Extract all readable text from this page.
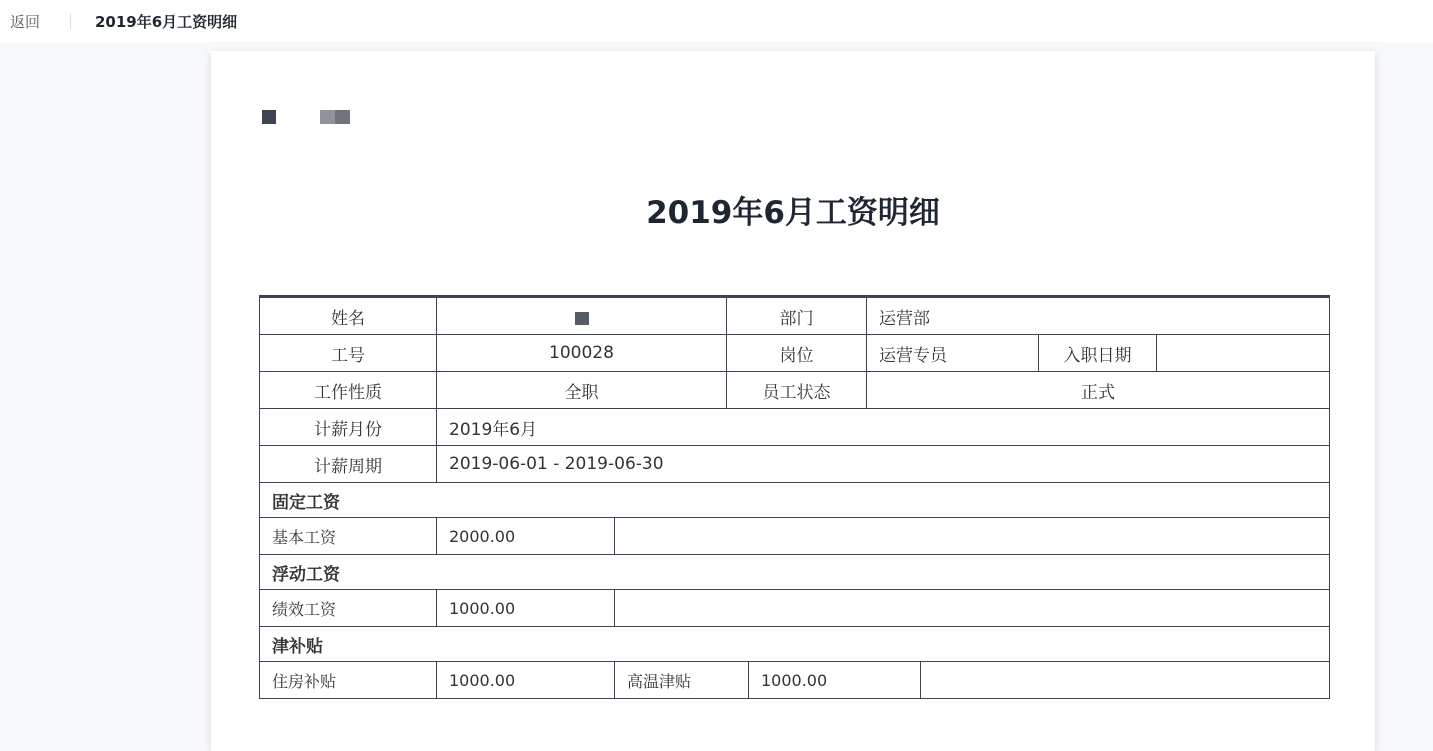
返回	2019年6月工资明细
2019年6月工资明细
姓名			部门		运营部			
工号	100028		岗位		运营专员		入职日期	
工作性质	全职		员工状态		正式			
计薪月份	2019年6月							
计薪周期	2019-06-01 - 2019-06-30							
固定工资								
基本工资	2000.00							
浮动工资								
绩效工资	1000.00							
津补贴								
住房补贴	1000.00	高温津贴		1000.00				
